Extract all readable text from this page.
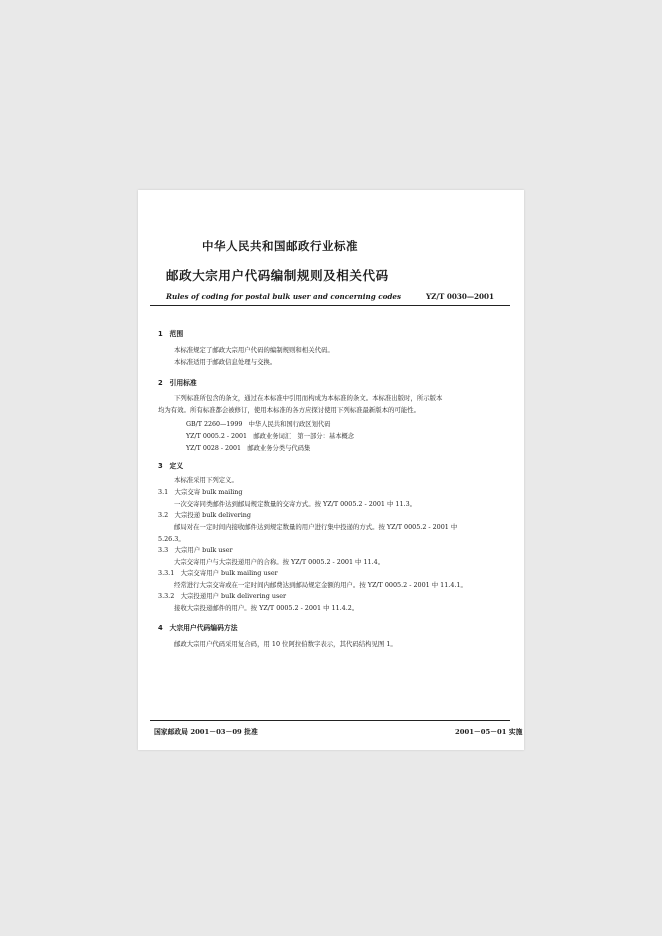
中华人民共和国邮政行业标准
邮政大宗用户代码编制规则及相关代码
Rules of coding for postal bulk user and concerning codes	YZ/T 0030—2001
1　范围
本标准规定了邮政大宗用户代码的编制规则和相关代码。
本标准适用于邮政信息处理与交换。
2　引用标准
下列标准所包含的条文，通过在本标准中引用而构成为本标准的条文。本标准出版时，所示版本
均为有效。所有标准都会被修订，使用本标准的各方应探讨使用下列标准最新版本的可能性。
GB/T 2260—1999　中华人民共和国行政区划代码
YZ/T 0005.2 - 2001　邮政业务词汇　第一部分：基本概念
YZ/T 0028 - 2001　邮政业务分类与代码集
3　定义
本标准采用下列定义。
3.1　大宗交寄 bulk mailing
一次交寄同类邮件达到邮局规定数量的交寄方式。按 YZ/T 0005.2 - 2001 中 11.3。
3.2　大宗投递 bulk delivering
邮局对在一定时间内接收邮件达到规定数量的用户进行集中投递的方式。按 YZ/T 0005.2 - 2001 中
5.26.3。
3.3　大宗用户 bulk user
大宗交寄用户与大宗投递用户的合称。按 YZ/T 0005.2 - 2001 中 11.4。
3.3.1　大宗交寄用户 bulk mailing user
经常进行大宗交寄或在一定时间内邮费达到邮局规定金额的用户。按 YZ/T 0005.2 - 2001 中 11.4.1。
3.3.2　大宗投递用户 bulk delivering user
接收大宗投递邮件的用户。按 YZ/T 0005.2 - 2001 中 11.4.2。
4　大宗用户代码编码方法
邮政大宗用户代码采用复合码，用 10 位阿拉伯数字表示，其代码结构见图 1。
国家邮政局 2001－03－09 批准	2001－05－01 实施
